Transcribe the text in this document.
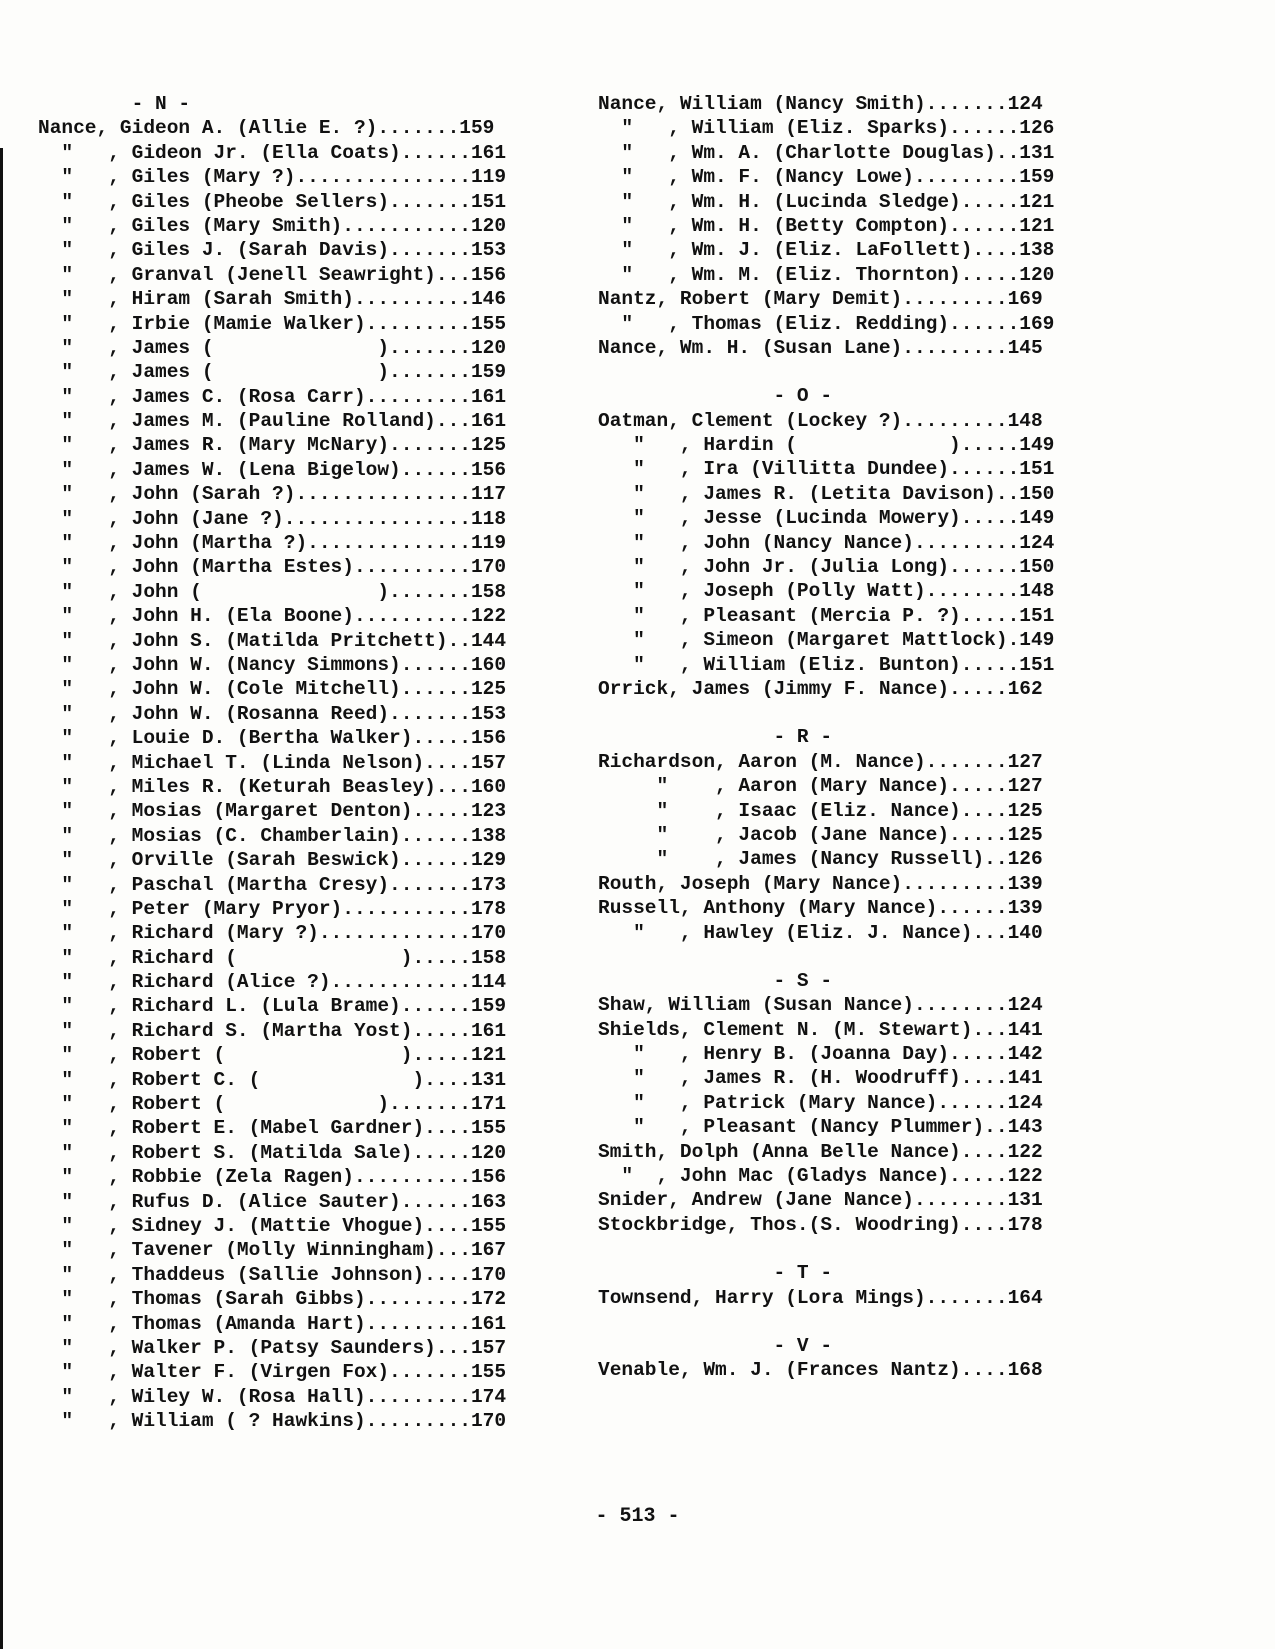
- N -
Nance, Gideon A. (Allie E. ?).......159
"   , Gideon Jr. (Ella Coats)......161
"   , Giles (Mary ?)...............119
"   , Giles (Pheobe Sellers).......151
"   , Giles (Mary Smith)...........120
"   , Giles J. (Sarah Davis).......153
"   , Granval (Jenell Seawright)...156
"   , Hiram (Sarah Smith)..........146
"   , Irbie (Mamie Walker).........155
"   , James (              ).......120
"   , James (              ).......159
"   , James C. (Rosa Carr).........161
"   , James M. (Pauline Rolland)...161
"   , James R. (Mary McNary).......125
"   , James W. (Lena Bigelow)......156
"   , John (Sarah ?)...............117
"   , John (Jane ?)................118
"   , John (Martha ?)..............119
"   , John (Martha Estes)..........170
"   , John (               ).......158
"   , John H. (Ela Boone)..........122
"   , John S. (Matilda Pritchett)..144
"   , John W. (Nancy Simmons)......160
"   , John W. (Cole Mitchell)......125
"   , John W. (Rosanna Reed).......153
"   , Louie D. (Bertha Walker).....156
"   , Michael T. (Linda Nelson)....157
"   , Miles R. (Keturah Beasley)...160
"   , Mosias (Margaret Denton).....123
"   , Mosias (C. Chamberlain)......138
"   , Orville (Sarah Beswick)......129
"   , Paschal (Martha Cresy).......173
"   , Peter (Mary Pryor)...........178
"   , Richard (Mary ?).............170
"   , Richard (              ).....158
"   , Richard (Alice ?)............114
"   , Richard L. (Lula Brame)......159
"   , Richard S. (Martha Yost).....161
"   , Robert (               ).....121
"   , Robert C. (             )....131
"   , Robert (             ).......171
"   , Robert E. (Mabel Gardner)....155
"   , Robert S. (Matilda Sale).....120
"   , Robbie (Zela Ragen)..........156
"   , Rufus D. (Alice Sauter)......163
"   , Sidney J. (Mattie Vhogue)....155
"   , Tavener (Molly Winningham)...167
"   , Thaddeus (Sallie Johnson)....170
"   , Thomas (Sarah Gibbs).........172
"   , Thomas (Amanda Hart).........161
"   , Walker P. (Patsy Saunders)...157
"   , Walter F. (Virgen Fox).......155
"   , Wiley W. (Rosa Hall).........174
"   , William ( ? Hawkins).........170
Nance, William (Nancy Smith).......124
"   , William (Eliz. Sparks)......126
"   , Wm. A. (Charlotte Douglas)..131
"   , Wm. F. (Nancy Lowe).........159
"   , Wm. H. (Lucinda Sledge).....121
"   , Wm. H. (Betty Compton)......121
"   , Wm. J. (Eliz. LaFollett)....138
"   , Wm. M. (Eliz. Thornton).....120
Nantz, Robert (Mary Demit).........169
"   , Thomas (Eliz. Redding)......169
Nance, Wm. H. (Susan Lane).........145
- O -
Oatman, Clement (Lockey ?).........148
"   , Hardin (             ).....149
"   , Ira (Villitta Dundee)......151
"   , James R. (Letita Davison)..150
"   , Jesse (Lucinda Mowery).....149
"   , John (Nancy Nance).........124
"   , John Jr. (Julia Long)......150
"   , Joseph (Polly Watt)........148
"   , Pleasant (Mercia P. ?).....151
"   , Simeon (Margaret Mattlock).149
"   , William (Eliz. Bunton).....151
Orrick, James (Jimmy F. Nance).....162
- R -
Richardson, Aaron (M. Nance).......127
"    , Aaron (Mary Nance).....127
"    , Isaac (Eliz. Nance)....125
"    , Jacob (Jane Nance).....125
"    , James (Nancy Russell)..126
Routh, Joseph (Mary Nance).........139
Russell, Anthony (Mary Nance)......139
"   , Hawley (Eliz. J. Nance)...140
- S -
Shaw, William (Susan Nance)........124
Shields, Clement N. (M. Stewart)...141
"   , Henry B. (Joanna Day).....142
"   , James R. (H. Woodruff)....141
"   , Patrick (Mary Nance)......124
"   , Pleasant (Nancy Plummer)..143
Smith, Dolph (Anna Belle Nance)....122
"  , John Mac (Gladys Nance).....122
Snider, Andrew (Jane Nance)........131
Stockbridge, Thos.(S. Woodring)....178
- T -
Townsend, Harry (Lora Mings).......164
- V -
Venable, Wm. J. (Frances Nantz)....168
- 513 -
